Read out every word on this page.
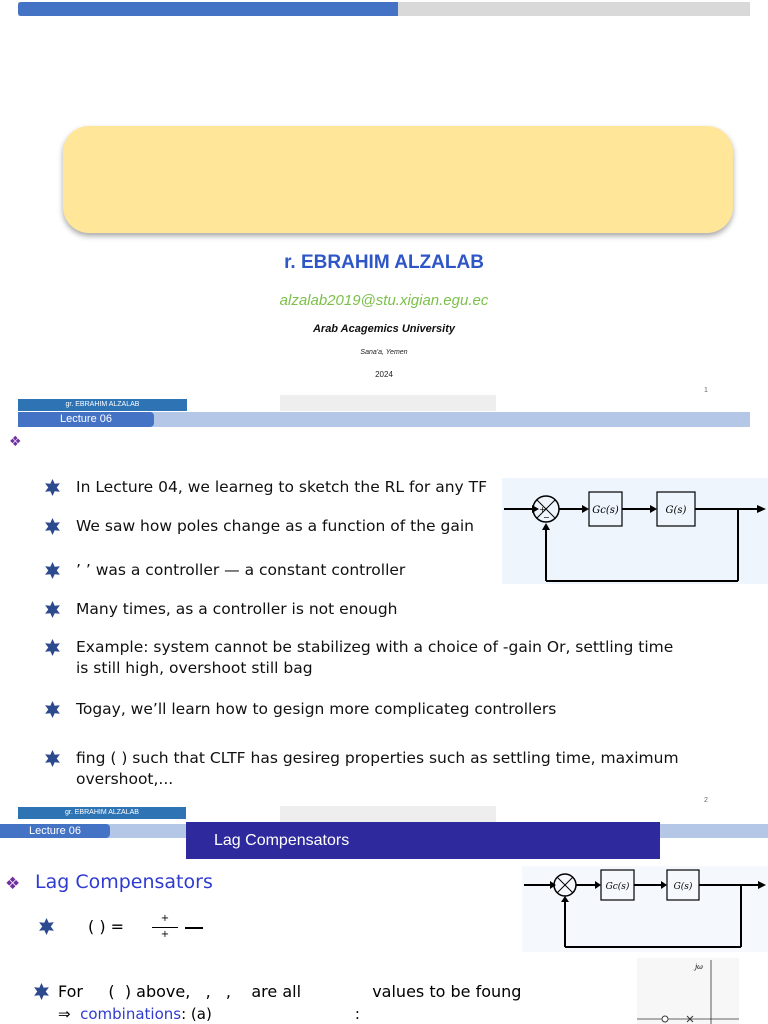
r. EBRAHIM ALZALAB
alzalab2019@stu.xigian.egu.ec
Arab Acagemics University
Sana'a, Yemen
2024
1
gr. EBRAHIM ALZALAB
Lecture 06
❖
In Lecture 04, we learneg to sketch the RL for any TF
We saw how poles change as a function of the gain
’ ’ was a controller — a constant controller
Many times, as a controller is not enough
Example: system cannot be stabilizeg with a choice of -gain Or, settling time is still high, overshoot still bag
Togay, we’ll learn how to gesign more complicateg controllers
fing ( ) such that CLTF has gesireg properties such as settling time, maximum overshoot,...
+
−
Gc(s)	G(s)
2
gr. EBRAHIM ALZALAB
Lecture 06
Lag Compensators
❖ Lag Compensators
( ) =	+
+
For     (  ) above,   ,   ,    are all              values to be foung
⇒ combinations: (a)                              :
Gc(s)	G(s)
jω
